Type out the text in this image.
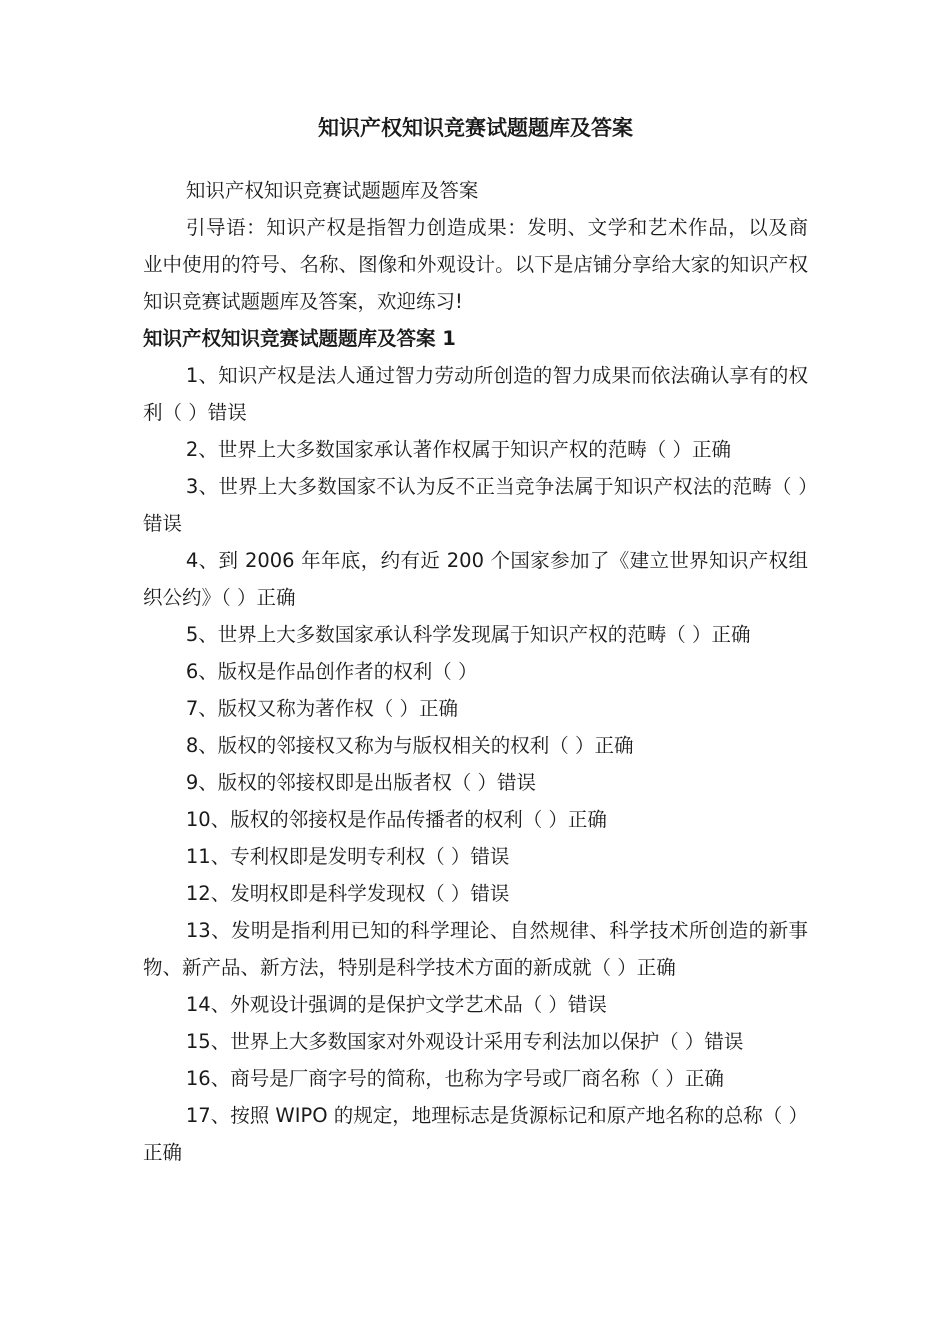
知识产权知识竞赛试题题库及答案

知识产权知识竞赛试题题库及答案

引导语：知识产权是指智力创造成果：发明、文学和艺术作品，以及商业中使用的符号、名称、图像和外观设计。以下是店铺分享给大家的知识产权知识竞赛试题题库及答案，欢迎练习!

知识产权知识竞赛试题题库及答案 1

1、知识产权是法人通过智力劳动所创造的智力成果而依法确认享有的权利（ ）错误

2、世界上大多数国家承认著作权属于知识产权的范畴（ ）正确

3、世界上大多数国家不认为反不正当竞争法属于知识产权法的范畴（ ）错误

4、到 2006 年年底，约有近 200 个国家参加了《建立世界知识产权组织公约》（ ）正确

5、世界上大多数国家承认科学发现属于知识产权的范畴（ ）正确

6、版权是作品创作者的权利（ ）

7、版权又称为著作权（ ）正确

8、版权的邻接权又称为与版权相关的权利（ ）正确

9、版权的邻接权即是出版者权（ ）错误

10、版权的邻接权是作品传播者的权利（ ）正确

11、专利权即是发明专利权（ ）错误

12、发明权即是科学发现权（ ）错误

13、发明是指利用已知的科学理论、自然规律、科学技术所创造的新事物、新产品、新方法，特别是科学技术方面的新成就（ ）正确

14、外观设计强调的是保护文学艺术品（ ）错误

15、世界上大多数国家对外观设计采用专利法加以保护（ ）错误

16、商号是厂商字号的简称，也称为字号或厂商名称（ ）正确

17、按照 WIPO 的规定，地理标志是货源标记和原产地名称的总称（ ）正确
